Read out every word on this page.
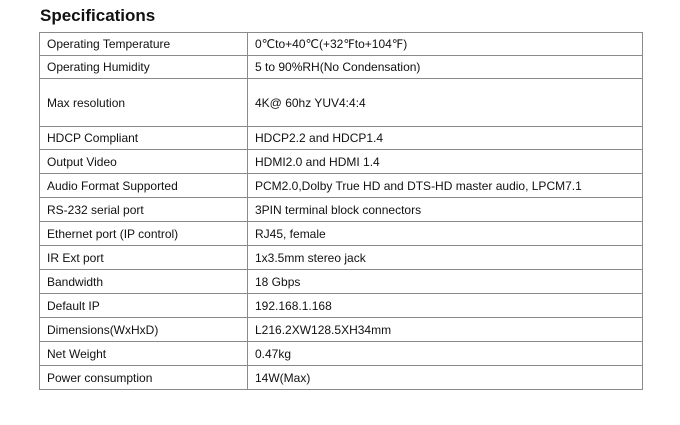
Specifications
Operating Temperature	0℃to+40℃(+32℉to+104℉)
Operating Humidity	5 to 90%RH(No Condensation)
Max resolution	4K@ 60hz YUV4:4:4
HDCP Compliant	HDCP2.2 and HDCP1.4
Output Video	HDMI2.0 and HDMI 1.4
Audio Format Supported	PCM2.0,Dolby True HD and DTS-HD master audio, LPCM7.1
RS-232 serial port	3PIN terminal block connectors
Ethernet port (IP control)	RJ45, female
IR Ext port	1x3.5mm stereo jack
Bandwidth	18 Gbps
Default IP	192.168.1.168
Dimensions(WxHxD)	L216.2XW128.5XH34mm
Net Weight	0.47kg
Power consumption	14W(Max)
